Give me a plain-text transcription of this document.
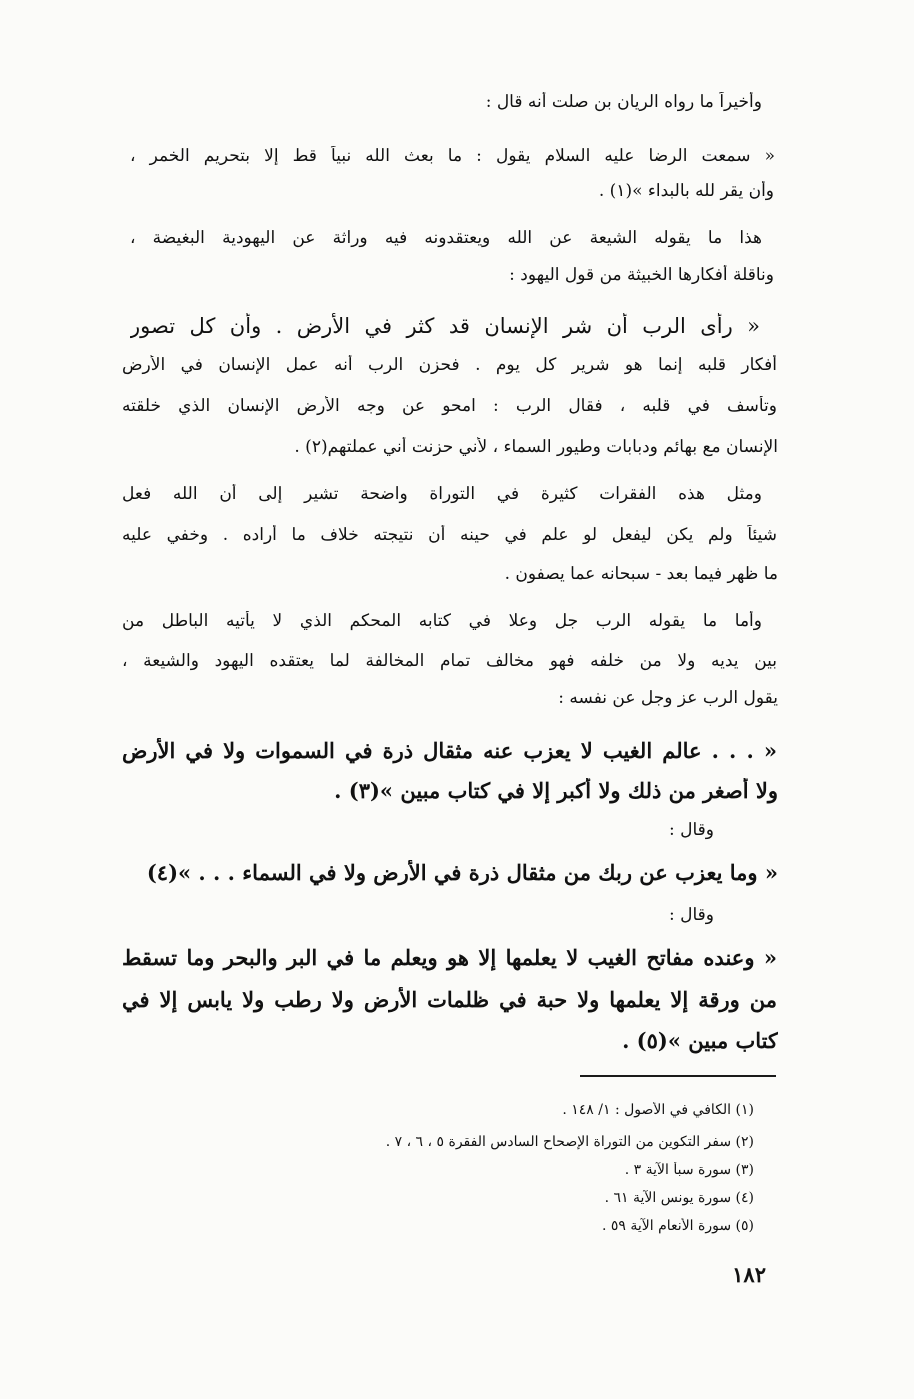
وأخيراً ما رواه الريان بن صلت أنه قال :
« سمعت الرضا عليه السلام يقول : ما بعث الله نبياً قط إلا بتحريم الخمر ،
وأن يقر لله بالبداء »(١) .
هذا ما يقوله الشيعة عن الله ويعتقدونه فيه وراثة عن اليهودية البغيضة ،
وناقلة أفكارها الخبيثة من قول اليهود :
« رأى الرب أن شر الإنسان قد كثر في الأرض . وأن كل تصور
أفكار قلبه إنما هو شرير كل يوم . فحزن الرب أنه عمل الإنسان في الأرض
وتأسف في قلبه ، فقال الرب : امحو عن وجه الأرض الإنسان الذي خلقته
الإنسان مع بهائم ودبابات وطيور السماء ، لأني حزنت أني عملتهم(٢) .
ومثل هذه الفقرات كثيرة في التوراة واضحة تشير إلى أن الله فعل
شيئاً ولم يكن ليفعل لو علم في حينه أن نتيجته خلاف ما أراده . وخفي عليه
ما ظهر فيما بعد - سبحانه عما يصفون .
وأما ما يقوله الرب جل وعلا في كتابه المحكم الذي لا يأتيه الباطل من
بين يديه ولا من خلفه فهو مخالف تمام المخالفة لما يعتقده اليهود والشيعة ،
يقول الرب عز وجل عن نفسه :
« . . . عالم الغيب لا يعزب عنه مثقال ذرة في السموات ولا في الأرض
ولا أصغر من ذلك ولا أكبر إلا في كتاب مبين »(٣) .
وقال :
« وما يعزب عن ربك من مثقال ذرة في الأرض ولا في السماء . . . »(٤)
وقال :
« وعنده مفاتح الغيب لا يعلمها إلا هو ويعلم ما في البر والبحر وما تسقط
من ورقة إلا يعلمها ولا حبة في ظلمات الأرض ولا رطب ولا يابس إلا في
كتاب مبين »(٥) .
(١) الكافي في الأصول : ١/ ١٤٨ .
(٢) سفر التكوين من التوراة الإصحاح السادس الفقرة ٥ ، ٦ ، ٧ .
(٣) سورة سبأ الآية ٣ .
(٤) سورة يونس الآية ٦١ .
(٥) سورة الأنعام الآية ٥٩ .
١٨٢
